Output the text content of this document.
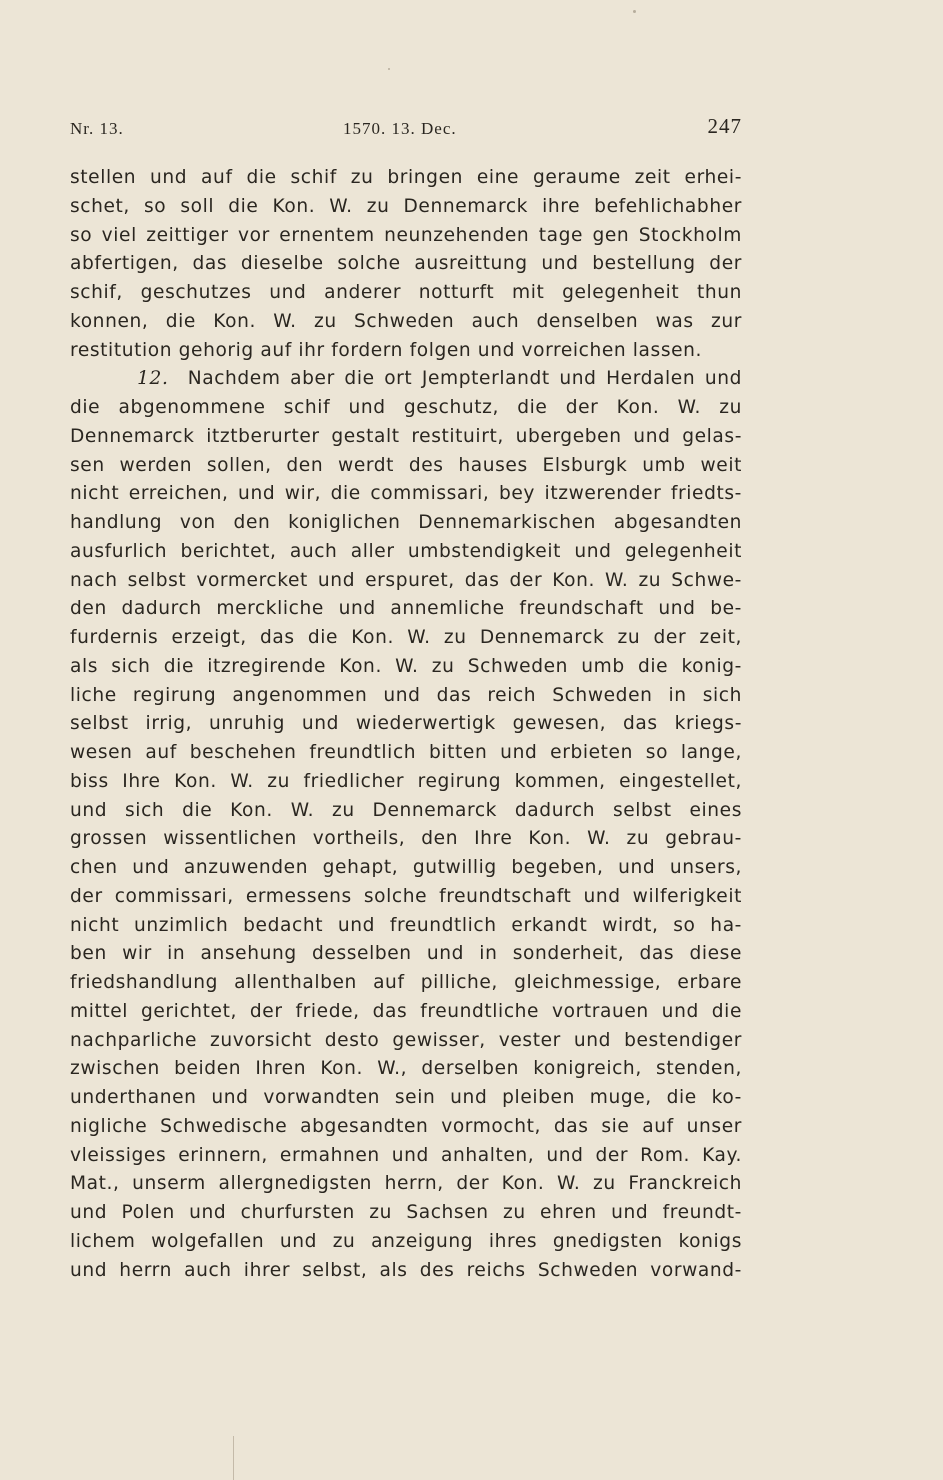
Nr. 13.	1570. 13. Dec.	247
stellen und auf die schif zu bringen eine geraume zeit erhei-
schet, so soll die Kon. W. zu Dennemarck ihre befehlichabher
so viel zeittiger vor ernentem neunzehenden tage gen Stockholm
abfertigen, das dieselbe solche ausreittung und bestellung der
schif, geschutzes und anderer notturft mit gelegenheit thun
konnen, die Kon. W. zu Schweden auch denselben was zur
restitution gehorig auf ihr fordern folgen und vorreichen lassen.
12. Nachdem aber die ort Jempterlandt und Herdalen und
die abgenommene schif und geschutz, die der Kon. W. zu
Dennemarck itztberurter gestalt restituirt, ubergeben und gelas-
sen werden sollen, den werdt des hauses Elsburgk umb weit
nicht erreichen, und wir, die commissari, bey itzwerender friedts-
handlung von den koniglichen Dennemarkischen abgesandten
ausfurlich berichtet, auch aller umbstendigkeit und gelegenheit
nach selbst vormercket und erspuret, das der Kon. W. zu Schwe-
den dadurch merckliche und annemliche freundschaft und be-
furdernis erzeigt, das die Kon. W. zu Dennemarck zu der zeit,
als sich die itzregirende Kon. W. zu Schweden umb die konig-
liche regirung angenommen und das reich Schweden in sich
selbst irrig, unruhig und wiederwertigk gewesen, das kriegs-
wesen auf beschehen freundtlich bitten und erbieten so lange,
biss Ihre Kon. W. zu friedlicher regirung kommen, eingestellet,
und sich die Kon. W. zu Dennemarck dadurch selbst eines
grossen wissentlichen vortheils, den Ihre Kon. W. zu gebrau-
chen und anzuwenden gehapt, gutwillig begeben, und unsers,
der commissari, ermessens solche freundtschaft und wilferigkeit
nicht unzimlich bedacht und freundtlich erkandt wirdt, so ha-
ben wir in ansehung desselben und in sonderheit, das diese
friedshandlung allenthalben auf pilliche, gleichmessige, erbare
mittel gerichtet, der friede, das freundtliche vortrauen und die
nachparliche zuvorsicht desto gewisser, vester und bestendiger
zwischen beiden Ihren Kon. W., derselben konigreich, stenden,
underthanen und vorwandten sein und pleiben muge, die ko-
nigliche Schwedische abgesandten vormocht, das sie auf unser
vleissiges erinnern, ermahnen und anhalten, und der Rom. Kay.
Mat., unserm allergnedigsten herrn, der Kon. W. zu Franckreich
und Polen und churfursten zu Sachsen zu ehren und freundt-
lichem wolgefallen und zu anzeigung ihres gnedigsten konigs
und herrn auch ihrer selbst, als des reichs Schweden vorwand-
